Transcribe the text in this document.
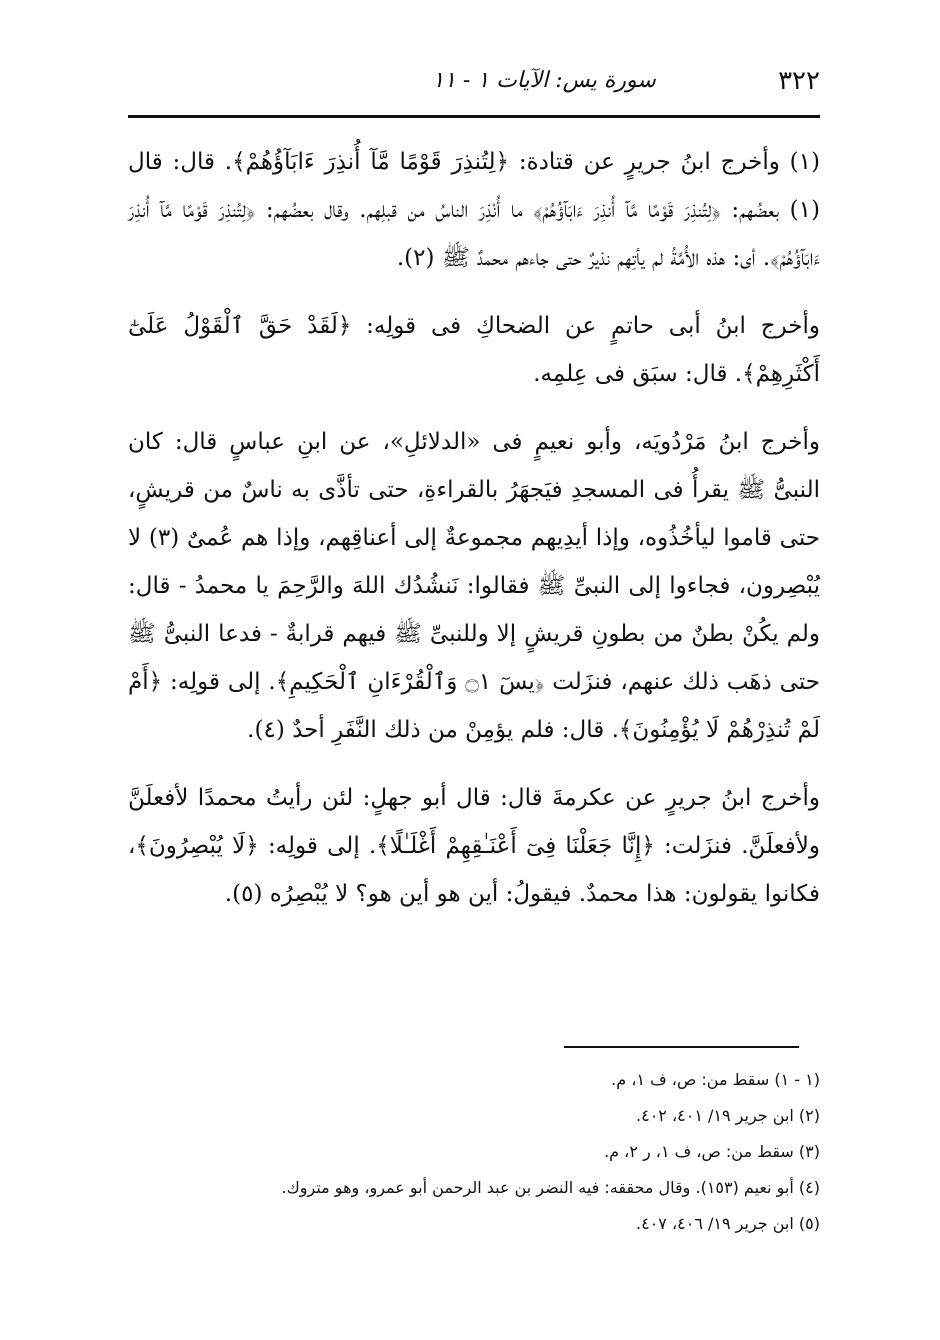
٣٢٢
سورة يس: الآيات ١ - ١١

(١) وأخرج ابنُ جريرٍ عن قتادة: ﴿لِتُنذِرَ قَوْمًا مَّآ أُنذِرَ ءَابَآؤُهُمْ﴾. قال: قال (١) بعضُهم: ﴿لِتُنذِرَ قَوْمًا مَّآ أُنذِرَ ءَابَآؤُهُمْ﴾ ما أُنْذِرَ الناسُ من قبلِهم. وقال بعضُهم: ﴿لِتُنذِرَ قَوْمًا مَّآ أُنذِرَ ءَابَآؤُهُمْ﴾. أى: هذه الأُمَّةُ لم يأتِهم نذيرٌ حتى جاءهم محمدٌ ﷺ (٢).

وأخرج ابنُ أبى حاتمٍ عن الضحاكِ فى قولِه: ﴿لَقَدْ حَقَّ ٱلْقَوْلُ عَلَىٰٓ أَكْثَرِهِمْ﴾. قال: سبَق فى عِلمِه.

وأخرج ابنُ مَرْدُويَه، وأبو نعيمٍ فى «الدلائلِ»، عن ابنِ عباسٍ قال: كان النبىُّ ﷺ يقرأُ فى المسجدِ فيَجهَرُ بالقراءةِ، حتى تأذَّى به ناسٌ من قريشٍ، حتى قاموا ليأخُذُوه، وإذا أيدِيهم مجموعةٌ إلى أعناقِهم، وإذا هم عُمىٌ (٣) لا يُبْصِرون، فجاءوا إلى النبىِّ ﷺ فقالوا: نَنشُدُك اللهَ والرَّحِمَ يا محمدُ - قال: ولم يكُنْ بطنٌ من بطونِ قريشٍ إلا وللنبىِّ ﷺ فيهم قرابةٌ - فدعا النبىُّ ﷺ حتى ذهَب ذلك عنهم، فنزَلت ﴿يسٓ ۝١ وَٱلْقُرْءَانِ ٱلْحَكِيمِ﴾. إلى قولِه: ﴿أَمْ لَمْ تُنذِرْهُمْ لَا يُؤْمِنُونَ﴾. قال: فلم يؤمِنْ من ذلك النَّفَرِ أحدٌ (٤).

وأخرج ابنُ جريرٍ عن عكرمةَ قال: قال أبو جهلٍ: لئن رأيتُ محمدًا لأفعلَنَّ ولأفعلَنَّ. فنزَلت: ﴿إِنَّا جَعَلْنَا فِىٓ أَعْنَـٰقِهِمْ أَغْلَـٰلًا﴾. إلى قولِه: ﴿لَا يُبْصِرُونَ﴾، فكانوا يقولون: هذا محمدٌ. فيقولُ: أين هو أين هو؟ لا يُبْصِرُه (٥).

(١ - ١) سقط من: ص، ف ١، م.
(٢) ابن جرير ١٩/ ٤٠١، ٤٠٢.
(٣) سقط من: ص، ف ١، ر ٢، م.
(٤) أبو نعيم (١٥٣). وقال محققه: فيه النضر بن عبد الرحمن أبو عمرو، وهو متروك.
(٥) ابن جرير ١٩/ ٤٠٦، ٤٠٧.
